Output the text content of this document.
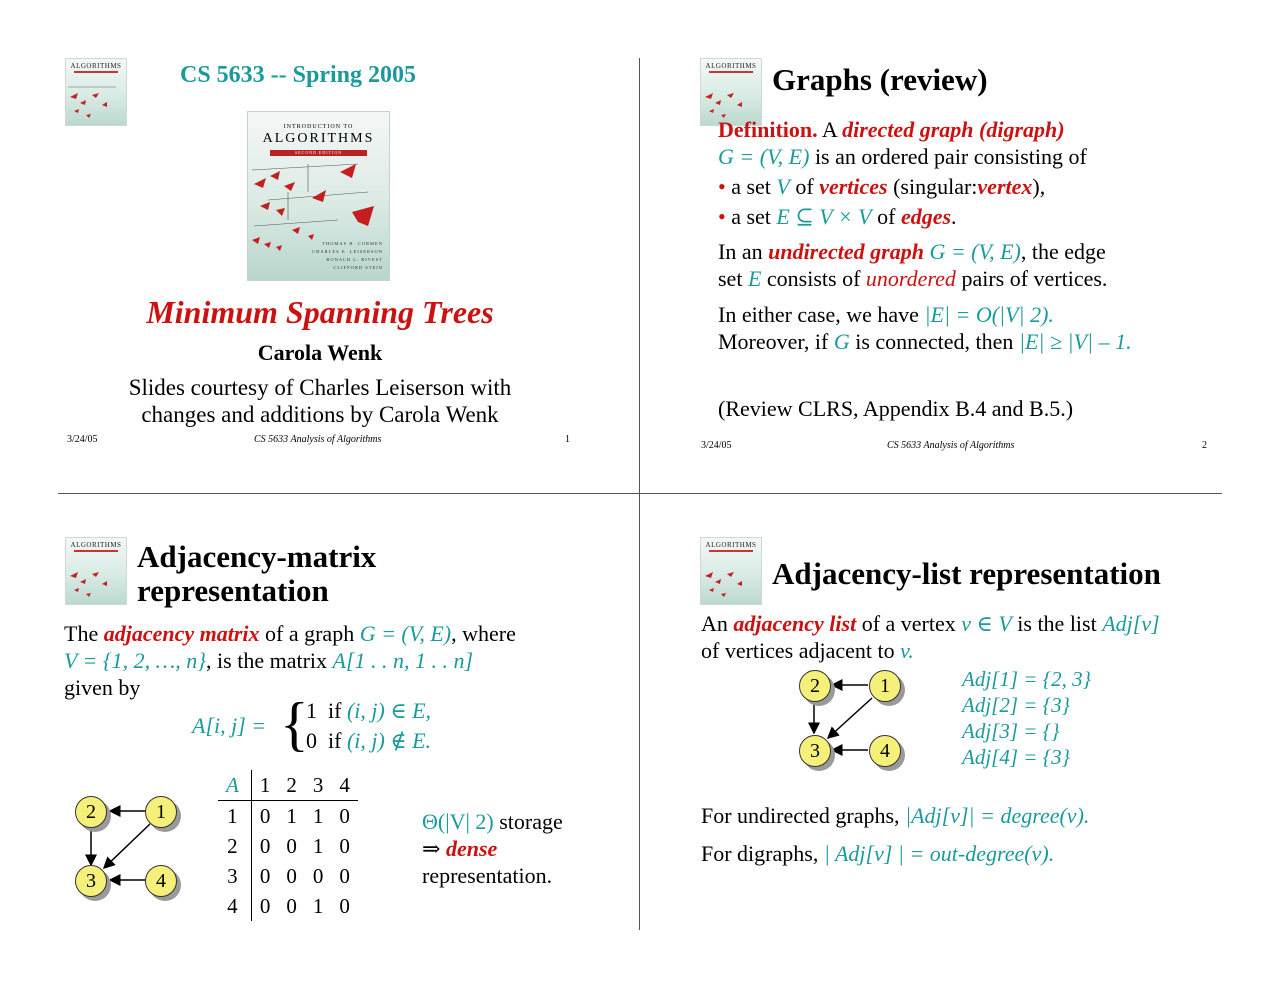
ALGORITHMS CS 5633 -- Spring 2005
INTRODUCTION TO
ALGORITHMS
SECOND EDITION
THOMAS H. CORMEN
CHARLES E. LEISERSON
RONALD L. RIVEST
CLIFFORD STEIN
Minimum Spanning Trees
Carola Wenk
Slides courtesy of Charles Leiserson with
changes and additions by Carola Wenk
3/24/05	CS 5633 Analysis of Algorithms	1
ALGORITHMS Graphs (review)
Definition. A directed graph (digraph)
G = (V, E) is an ordered pair consisting of
• a set V of vertices (singular:vertex),
• a set E ⊆ V × V of edges.
In an undirected graph G = (V, E), the edge
set E consists of unordered pairs of vertices.
In either case, we have |E| = O(|V| 2).
Moreover, if G is connected, then |E| ≥ |V| – 1.
(Review CLRS, Appendix B.4 and B.5.)
3/24/05	CS 5633 Analysis of Algorithms	2
ALGORITHMS Adjacency-matrix
representation
The adjacency matrix of a graph G = (V, E), where
V = {1, 2, …, n}, is the matrix A[1 . . n, 1 . . n]
given by
A[i, j] = {
1 if (i, j) ∈ E,
0 if (i, j) ∉ E.
2	1
3	4
A	1	2	3	4
1	0	1	1	0
2	0	0	1	0
3	0	0	0	0
4	0	0	1	0
Θ(|V| 2) storage
⇒ dense
representation.
ALGORITHMS
Adjacency-list representation
An adjacency list of a vertex v ∈ V is the list Adj[v]
of vertices adjacent to v.
2	1
3	4
Adj[1] = {2, 3}
Adj[2] = {3}
Adj[3] = {}
Adj[4] = {3}
For undirected graphs, |Adj[v]| = degree(v).
For digraphs, | Adj[v] | = out-degree(v).
